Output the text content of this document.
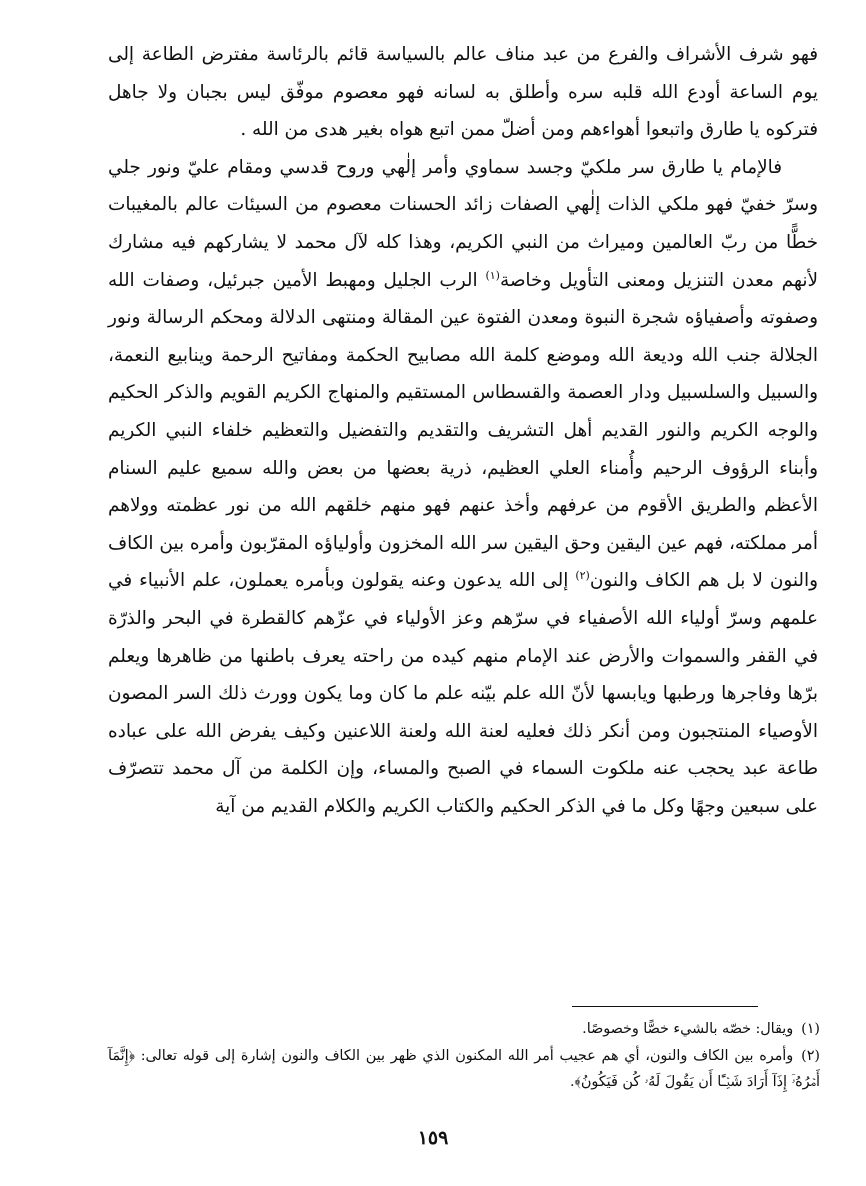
فهو شرف الأشراف والفرع من عبد مناف عالم بالسياسة قائم بالرئاسة مفترض الطاعة إلى يوم الساعة أودع الله قلبه سره وأطلق به لسانه فهو معصوم موفّق ليس بجبان ولا جاهل فتركوه يا طارق واتبعوا أهواءهم ومن أضلّ ممن اتبع هواه بغير هدى من الله .

فالإمام يا طارق سر ملكيّ وجسد سماوي وأمر إلٰهي وروح قدسي ومقام عليّ ونور جلي وسرّ خفيّ فهو ملكي الذات إلٰهي الصفات زائد الحسنات معصوم من السيئات عالم بالمغيبات خطًّا من ربّ العالمين وميراث من النبي الكريم، وهذا كله لآل محمد لا يشاركهم فيه مشارك لأنهم معدن التنزيل ومعنى التأويل وخاصة$^{(١)}$ الرب الجليل ومهبط الأمين جبرئيل، وصفات الله وصفوته وأصفياؤه شجرة النبوة ومعدن الفتوة عين المقالة ومنتهى الدلالة ومحكم الرسالة ونور الجلالة جنب الله وديعة الله وموضع كلمة الله مصابيح الحكمة ومفاتيح الرحمة وينابيع النعمة، والسبيل والسلسبيل ودار العصمة والقسطاس المستقيم والمنهاج الكريم القويم والذكر الحكيم والوجه الكريم والنور القديم أهل التشريف والتقديم والتفضيل والتعظيم خلفاء النبي الكريم وأبناء الرؤوف الرحيم وأُمناء العلي العظيم، ذرية بعضها من بعض والله سميع عليم السنام الأعظم والطريق الأقوم من عرفهم وأخذ عنهم فهو منهم خلقهم الله من نور عظمته وولاهم أمر مملكته، فهم عين اليقين وحق اليقين سر الله المخزون وأولياؤه المقرّبون وأمره بين الكاف والنون لا بل هم الكاف والنون$^{(٢)}$ إلى الله يدعون وعنه يقولون وبأمره يعملون، علم الأنبياء في علمهم وسرّ أولياء الله الأصفياء في سرّهم وعز الأولياء في عزّهم كالقطرة في البحر والذرّة في القفر والسموات والأرض عند الإمام منهم كيده من راحته يعرف باطنها من ظاهرها ويعلم برّها وفاجرها ورطبها ويابسها لأنّ الله علم بيّنه علم ما كان وما يكون وورث ذلك السر المصون الأوصياء المنتجبون ومن أنكر ذلك فعليه لعنة الله ولعنة اللاعنين وكيف يفرض الله على عباده طاعة عبد يحجب عنه ملكوت السماء في الصبح والمساء، وإن الكلمة من آل محمد تتصرّف على سبعين وجهًا وكل ما في الذكر الحكيم والكتاب الكريم والكلام القديم من آية

(١)ويقال: خصّه بالشيء خصًّا وخصوصًا.

(٢)وأمره بين الكاف والنون، أي هم عجيب أمر الله المكنون الذي ظهر بين الكاف والنون إشارة إلى قوله تعالى: ﴿إِنَّمَآ أَمۡرُهُۥٓ إِذَآ أَرَادَ شَيۡـًٔا أَن يَقُولَ لَهُۥ كُن فَيَكُونُ﴾.

١٥٩
